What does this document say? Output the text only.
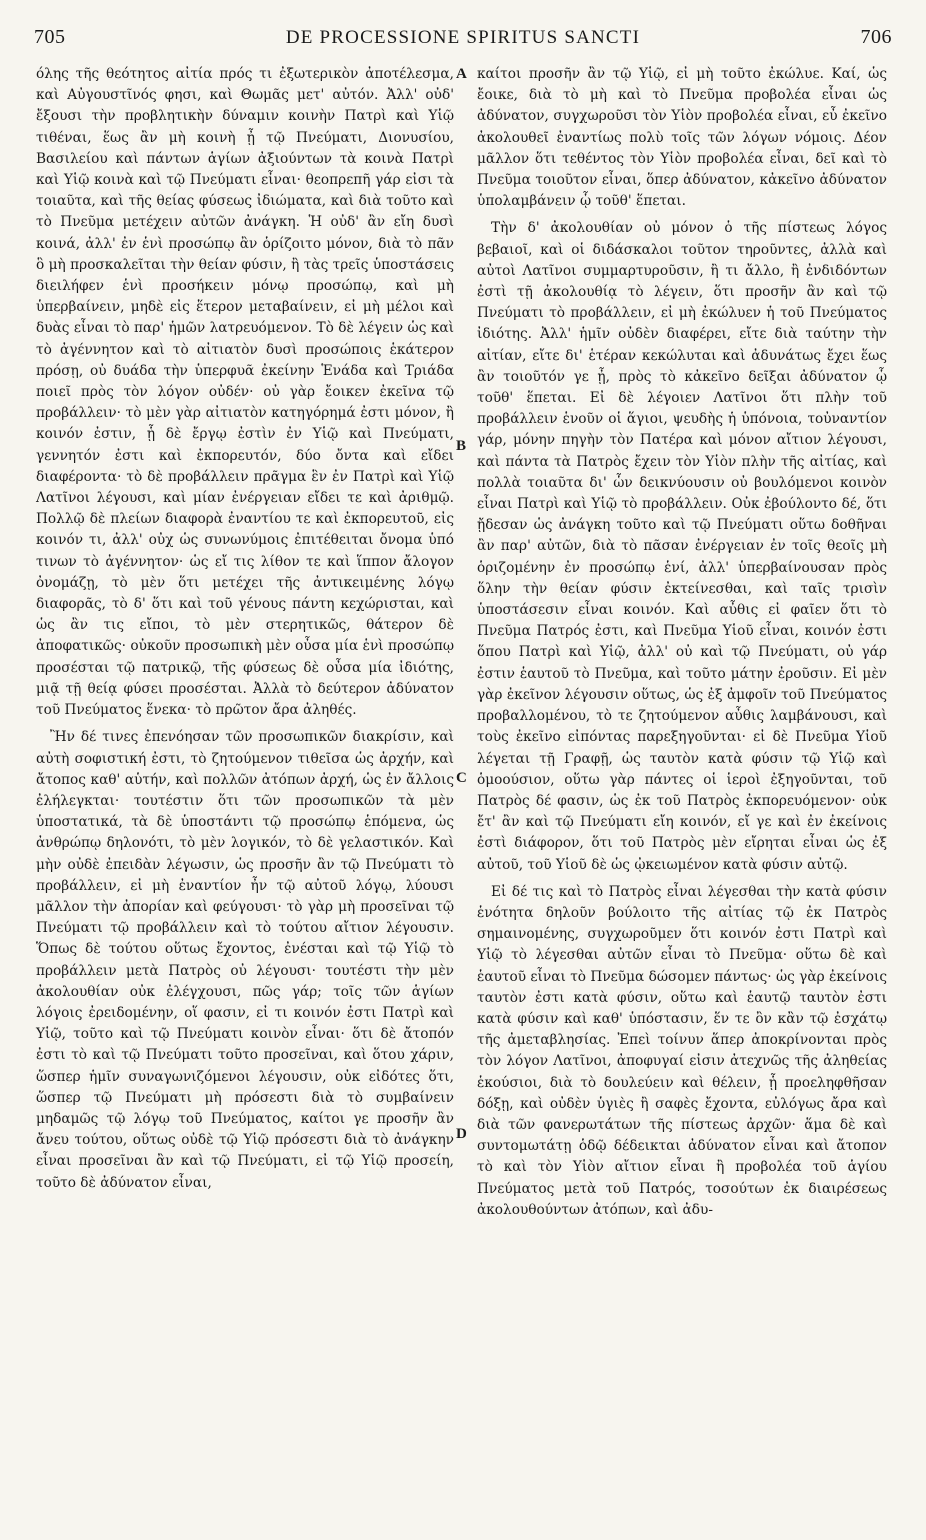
705	DE PROCESSIONE SPIRITUS SANCTI	706

όλης τῆς θεότητος αἰτία πρός τι ἐξωτερικὸν ἀποτέλεσμα, καὶ Αὐγουστῖνός φησι, καὶ Θωμᾶς μετ' αὐτόν. Ἀλλ' οὐδ' ἔξουσι τὴν προβλητικὴν δύναμιν κοινὴν Πατρὶ καὶ Υἱῷ τιθέναι, ἕως ἂν μὴ κοινὴ ᾖ τῷ Πνεύματι, Διονυσίου, Βασιλείου καὶ πάντων ἁγίων ἀξιούντων τὰ κοινὰ Πατρὶ καὶ Υἱῷ κοινὰ καὶ τῷ Πνεύματι εἶναι· θεοπρεπῆ γάρ εἰσι τὰ τοιαῦτα, καὶ τῆς θείας φύσεως ἰδιώματα, καὶ διὰ τοῦτο καὶ τὸ Πνεῦμα μετέχειν αὐτῶν ἀνάγκη. Ἡ οὐδ' ἂν εἴη δυσὶ κοινά, ἀλλ' ἐν ἑνὶ προσώπῳ ἂν ὁρίζοιτο μόνον, διὰ τὸ πᾶν ὃ μὴ προσκαλεῖται τὴν θείαν φύσιν, ἢ τὰς τρεῖς ὑποστάσεις διειλήφεν ἑνὶ προσήκειν μόνῳ προσώπῳ, καὶ μὴ ὑπερβαίνειν, μηδὲ εἰς ἕτερον μεταβαίνειν, εἰ μὴ μέλοι καὶ δυὰς εἶναι τὸ παρ' ἡμῶν λατρευόμενον. Τὸ δὲ λέγειν ὡς καὶ τὸ ἀγέννητον καὶ τὸ αἰτιατὸν δυσὶ προσώποις ἑκάτερον πρόσῃ, οὐ δυάδα τὴν ὑπερφυᾶ ἐκείνην Ἑνάδα καὶ Τριάδα ποιεῖ πρὸς τὸν λόγον οὐδέν· οὐ γὰρ ἔοικεν ἐκεῖνα τῷ προβάλλειν· τὸ μὲν γὰρ αἰτιατὸν κατηγόρημά ἐστι μόνον, ἢ κοινόν ἐστιν, ᾗ δὲ ἔργῳ ἐστὶν ἐν Υἱῷ καὶ Πνεύματι, γεννητόν ἐστι καὶ ἐκπορευτόν, δύο ὄντα καὶ εἴδει διαφέροντα· τὸ δὲ προβάλλειν πρᾶγμα ἓν ἐν Πατρὶ καὶ Υἱῷ Λατῖνοι λέγουσι, καὶ μίαν ἐνέργειαν εἴδει τε καὶ ἀριθμῷ. Πολλῷ δὲ πλείων διαφορὰ ἐναντίου τε καὶ ἐκπορευτοῦ, εἰς κοινόν τι, ἀλλ' οὐχ ὡς συνωνύμοις ἐπιτέθειται ὄνομα ὑπό τινων τὸ ἀγέννητον· ὡς εἴ τις λίθον τε καὶ ἵππον ἄλογον ὀνομάζῃ, τὸ μὲν ὅτι μετέχει τῆς ἀντικειμένης λόγῳ διαφορᾶς, τὸ δ' ὅτι καὶ τοῦ γένους πάντη κεχώρισται, καὶ ὡς ἂν τις εἴποι, τὸ μὲν στερητικῶς, θάτερον δὲ ἀποφατικῶς· οὐκοῦν προσωπικὴ μὲν οὖσα μία ἑνὶ προσώπῳ προσέσται τῷ πατρικῷ, τῆς φύσεως δὲ οὖσα μία ἰδιότης, μιᾷ τῇ θείᾳ φύσει προσέσται. Ἀλλὰ τὸ δεύτερον ἀδύνατον τοῦ Πνεύματος ἕνεκα· τὸ πρῶτον ἄρα ἀληθές.

Ἢν δέ τινες ἐπενόησαν τῶν προσωπικῶν διακρίσιν, καὶ αὐτὴ σοφιστική ἐστι, τὸ ζητούμενον τιθεῖσα ὡς ἀρχήν, καὶ ἄτοπος καθ' αὑτήν, καὶ πολλῶν ἀτόπων ἀρχή, ὡς ἐν ἄλλοις ἐλήλεγκται· τουτέστιν ὅτι τῶν προσωπικῶν τὰ μὲν ὑποστατικά, τὰ δὲ ὑποστάντι τῷ προσώπῳ ἑπόμενα, ὡς ἀνθρώπῳ δηλονότι, τὸ μὲν λογικόν, τὸ δὲ γελαστικόν. Καὶ μὴν οὐδὲ ἐπειδὰν λέγωσιν, ὡς προσῆν ἂν τῷ Πνεύματι τὸ προβάλλειν, εἰ μὴ ἐναντίον ἦν τῷ αὐτοῦ λόγῳ, λύουσι μᾶλλον τὴν ἀπορίαν καὶ φεύγουσι· τὸ γὰρ μὴ προσεῖναι τῷ Πνεύματι τῷ προβάλλειν καὶ τὸ τούτου αἴτιον λέγουσιν. Ὅπως δὲ τούτου οὕτως ἔχοντος, ἐνέσται καὶ τῷ Υἱῷ τὸ προβάλλειν μετὰ Πατρὸς οὐ λέγουσι· τουτέστι τὴν μὲν ἀκολουθίαν οὐκ ἐλέγχουσι, πῶς γάρ; τοῖς τῶν ἁγίων λόγοις ἐρειδομένην, οἵ φασιν, εἰ τι κοινόν ἐστι Πατρὶ καὶ Υἱῷ, τοῦτο καὶ τῷ Πνεύματι κοινὸν εἶναι· ὅτι δὲ ἄτοπόν ἐστι τὸ καὶ τῷ Πνεύματι τοῦτο προσεῖναι, καὶ ὅτου χάριν, ὥσπερ ἡμῖν συναγωνιζόμενοι λέγουσιν, οὐκ εἰδότες ὅτι, ὥσπερ τῷ Πνεύματι μὴ πρόσεστι διὰ τὸ συμβαίνειν μηδαμῶς τῷ λόγῳ τοῦ Πνεύματος, καίτοι γε προσῆν ἂν ἄνευ τούτου, οὕτως οὐδὲ τῷ Υἱῷ πρόσεστι διὰ τὸ ἀνάγκην εἶναι προσεῖναι ἂν καὶ τῷ Πνεύματι, εἰ τῷ Υἱῷ προσείη, τοῦτο δὲ ἀδύνατον εἶναι,

A
B
C
D

καίτοι προσῆν ἂν τῷ Υἱῷ, εἰ μὴ τοῦτο ἐκώλυε. Καί, ὡς ἔοικε, διὰ τὸ μὴ καὶ τὸ Πνεῦμα προβολέα εἶναι ὡς ἀδύνατον, συγχωροῦσι τὸν Υἱὸν προβολέα εἶναι, εὖ ἐκεῖνο ἀκολουθεῖ ἐναντίως πολὺ τοῖς τῶν λόγων νόμοις. Δέον μᾶλλον ὅτι τεθέντος τὸν Υἱὸν προβολέα εἶναι, δεῖ καὶ τὸ Πνεῦμα τοιοῦτον εἶναι, ὅπερ ἀδύνατον, κἀκεῖνο ἀδύνατον ὑπολαμβάνειν ᾧ τοῦθ' ἕπεται.

Τὴν δ' ἀκολουθίαν οὐ μόνον ὁ τῆς πίστεως λόγος βεβαιοῖ, καὶ οἱ διδάσκαλοι τοῦτον τηροῦντες, ἀλλὰ καὶ αὐτοὶ Λατῖνοι συμμαρτυροῦσιν, ἢ τι ἄλλο, ἢ ἐνδιδόντων ἐστὶ τῇ ἀκολουθίᾳ τὸ λέγειν, ὅτι προσῆν ἂν καὶ τῷ Πνεύματι τὸ προβάλλειν, εἰ μὴ ἐκώλυεν ἡ τοῦ Πνεύματος ἰδιότης. Ἀλλ' ἡμῖν οὐδὲν διαφέρει, εἴτε διὰ ταύτην τὴν αἰτίαν, εἴτε δι' ἑτέραν κεκώλυται καὶ ἀδυνάτως ἔχει ἕως ἂν τοιοῦτόν γε ᾖ, πρὸς τὸ κἀκεῖνο δεῖξαι ἀδύνατον ᾧ τοῦθ' ἕπεται. Εἰ δὲ λέγοιεν Λατῖνοι ὅτι πλὴν τοῦ προβάλλειν ἑνοῦν οἱ ἅγιοι, ψευδὴς ἡ ὑπόνοια, τοὐναντίον γάρ, μόνην πηγὴν τὸν Πατέρα καὶ μόνον αἴτιον λέγουσι, καὶ πάντα τὰ Πατρὸς ἔχειν τὸν Υἱὸν πλὴν τῆς αἰτίας, καὶ πολλὰ τοιαῦτα δι' ὧν δεικνύουσιν οὐ βουλόμενοι κοινὸν εἶναι Πατρὶ καὶ Υἱῷ τὸ προβάλλειν. Οὐκ ἐβούλοντο δέ, ὅτι ᾔδεσαν ὡς ἀνάγκη τοῦτο καὶ τῷ Πνεύματι οὕτω δοθῆναι ἂν παρ' αὐτῶν, διὰ τὸ πᾶσαν ἐνέργειαν ἐν τοῖς θεοῖς μὴ ὁριζομένην ἐν προσώπῳ ἑνί, ἀλλ' ὑπερβαίνουσαν πρὸς ὅλην τὴν θείαν φύσιν ἐκτείνεσθαι, καὶ ταῖς τρισὶν ὑποστάσεσιν εἶναι κοινόν. Καὶ αὖθις εἰ φαῖεν ὅτι τὸ Πνεῦμα Πατρός ἐστι, καὶ Πνεῦμα Υἱοῦ εἶναι, κοινόν ἐστι ὅπου Πατρὶ καὶ Υἱῷ, ἀλλ' οὐ καὶ τῷ Πνεύματι, οὐ γάρ ἐστιν ἑαυτοῦ τὸ Πνεῦμα, καὶ τοῦτο μάτην ἐροῦσιν. Εἰ μὲν γὰρ ἐκεῖνον λέγουσιν οὕτως, ὡς ἐξ ἀμφοῖν τοῦ Πνεύματος προβαλλομένου, τὸ τε ζητούμενον αὖθις λαμβάνουσι, καὶ τοὺς ἐκεῖνο εἰπόντας παρεξηγοῦνται· εἰ δὲ Πνεῦμα Υἱοῦ λέγεται τῇ Γραφῇ, ὡς ταυτὸν κατὰ φύσιν τῷ Υἱῷ καὶ ὁμοούσιον, οὕτω γὰρ πάντες οἱ ἱεροὶ ἐξηγοῦνται, τοῦ Πατρὸς δέ φασιν, ὡς ἐκ τοῦ Πατρὸς ἐκπορευόμενον· οὐκ ἔτ' ἂν καὶ τῷ Πνεύματι εἴη κοινόν, εἴ γε καὶ ἐν ἐκείνοις ἐστὶ διάφορον, ὅτι τοῦ Πατρὸς μὲν εἴρηται εἶναι ὡς ἐξ αὐτοῦ, τοῦ Υἱοῦ δὲ ὡς ᾠκειωμένον κατὰ φύσιν αὐτῷ.

Εἰ δέ τις καὶ τὸ Πατρὸς εἶναι λέγεσθαι τὴν κατὰ φύσιν ἑνότητα δηλοῦν βούλοιτο τῆς αἰτίας τῷ ἐκ Πατρὸς σημαινομένης, συγχωροῦμεν ὅτι κοινόν ἐστι Πατρὶ καὶ Υἱῷ τὸ λέγεσθαι αὐτῶν εἶναι τὸ Πνεῦμα· οὕτω δὲ καὶ ἑαυτοῦ εἶναι τὸ Πνεῦμα δώσομεν πάντως· ὡς γὰρ ἐκείνοις ταυτὸν ἐστι κατὰ φύσιν, οὕτω καὶ ἑαυτῷ ταυτὸν ἐστι κατὰ φύσιν καὶ καθ' ὑπόστασιν, ἕν τε ὂν κἂν τῷ ἐσχάτῳ τῆς ἀμεταβλησίας. Ἐπεὶ τοίνυν ἅπερ ἀποκρίνονται πρὸς τὸν λόγον Λατῖνοι, ἀποφυγαί εἰσιν ἀτεχνῶς τῆς ἀληθείας ἑκούσιοι, διὰ τὸ δουλεύειν καὶ θέλειν, ᾗ προεληφθῆσαν δόξῃ, καὶ οὐδὲν ὑγιὲς ἢ σαφὲς ἔχοντα, εὐλόγως ἄρα καὶ διὰ τῶν φανερωτάτων τῆς πίστεως ἀρχῶν· ἅμα δὲ καὶ συντομωτάτῃ ὁδῷ δέδεικται ἀδύνατον εἶναι καὶ ἄτοπον τὸ καὶ τὸν Υἱὸν αἴτιον εἶναι ἢ προβολέα τοῦ ἁγίου Πνεύματος μετὰ τοῦ Πατρός, τοσούτων ἐκ διαιρέσεως ἀκολουθούντων ἀτόπων, καὶ ἀδυ-
